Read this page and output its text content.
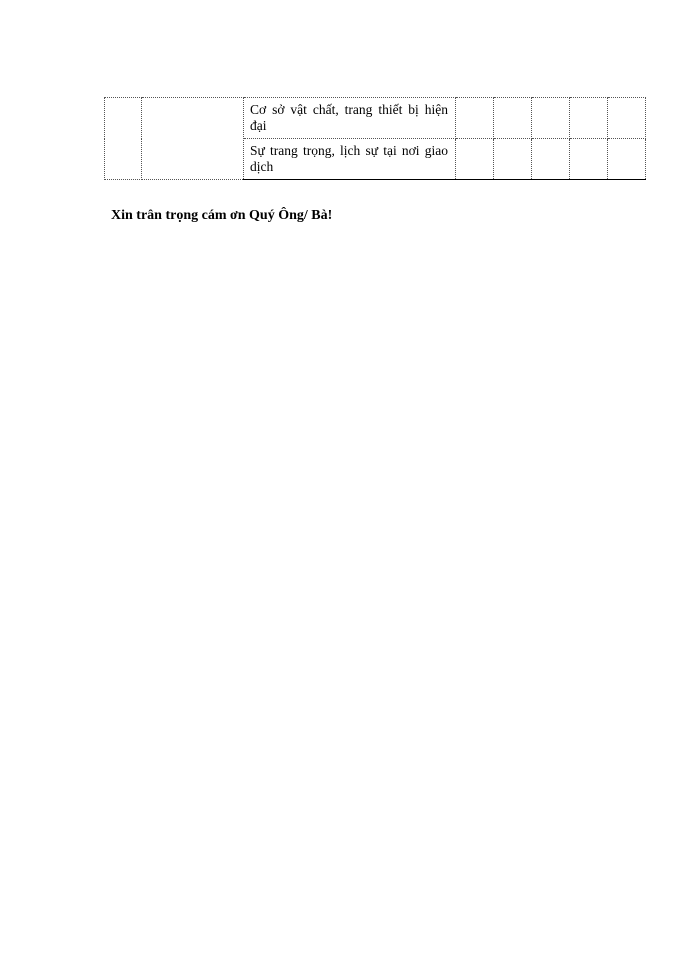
		Cơ sở vật chất, trang thiết bị hiện đại					

		Sự trang trọng, lịch sự tại nơi giao dịch					

Xin trân trọng cám ơn Quý Ông/ Bà!
